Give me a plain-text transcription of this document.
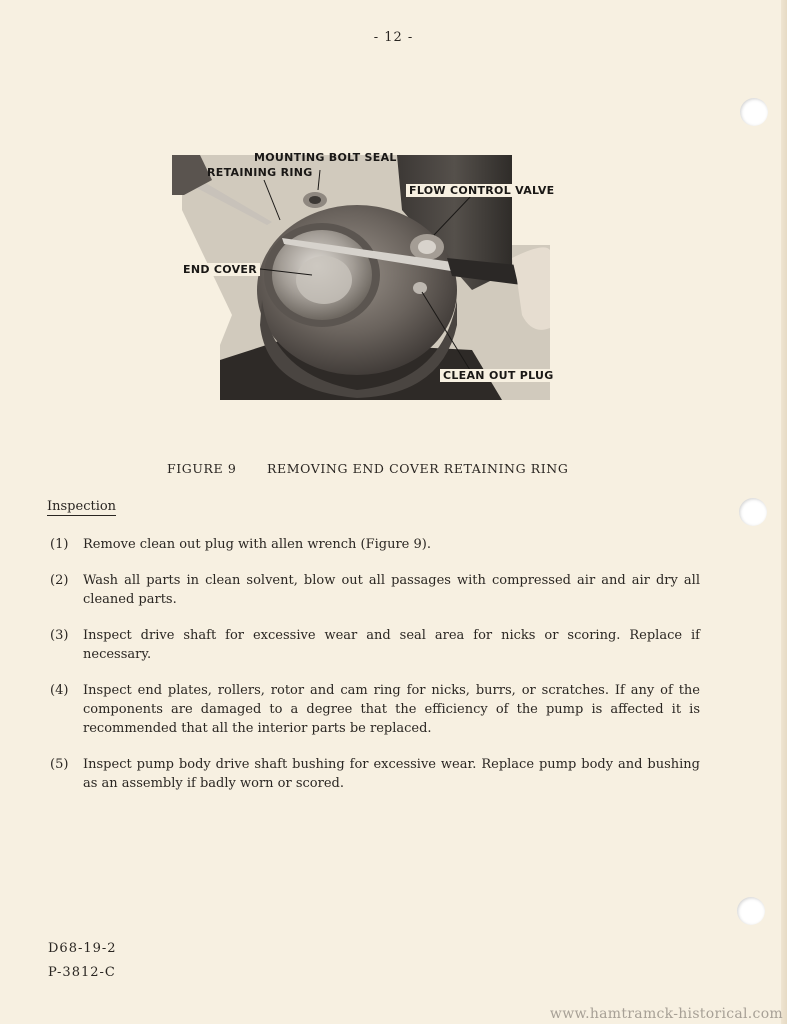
- 12 -
MOUNTING BOLT SEAL
RETAINING RING
FLOW CONTROL VALVE
END COVER
CLEAN OUT PLUG
FIGURE 9 REMOVING END COVER RETAINING RING
Inspection
(1) Remove clean out plug with allen wrench (Figure 9).
(2) Wash all parts in clean solvent, blow out all passages with compressed air and air dry all cleaned parts.
(3) Inspect drive shaft for excessive wear and seal area for nicks or scoring. Replace if necessary.
(4) Inspect end plates, rollers, rotor and cam ring for nicks, burrs, or scratches. If any of the components are damaged to a degree that the efficiency of the pump is affected it is recommended that all the interior parts be replaced.
(5) Inspect pump body drive shaft bushing for excessive wear. Replace pump body and bushing as an assembly if badly worn or scored.
D68-19-2
P-3812-C
www.hamtramck-historical.com
